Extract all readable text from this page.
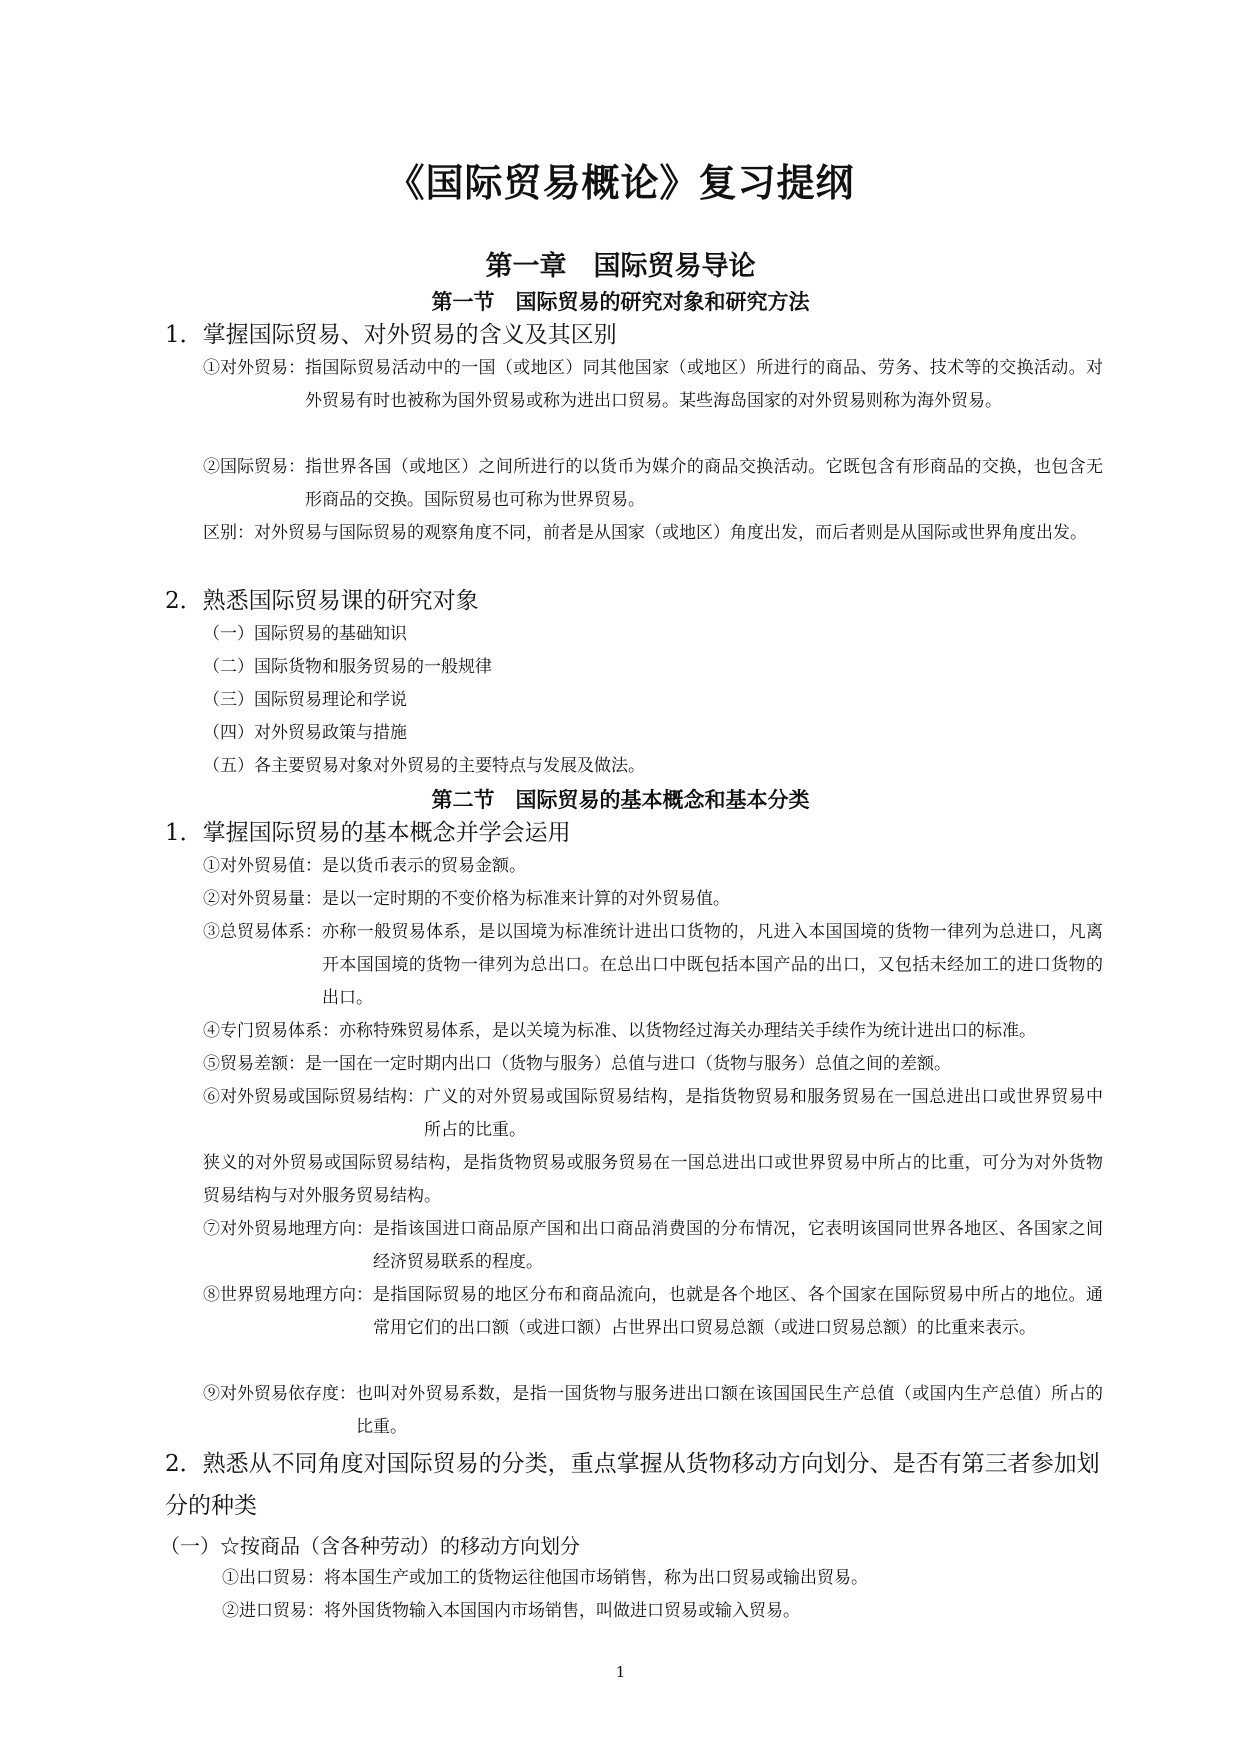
《国际贸易概论》复习提纲
第一章　国际贸易导论
第一节　国际贸易的研究对象和研究方法
1．掌握国际贸易、对外贸易的含义及其区别
①对外贸易： 指国际贸易活动中的一国（或地区）同其他国家（或地区）所进行的商品、劳务、技术等的交换活动。对外贸易有时也被称为国外贸易或称为进出口贸易。某些海岛国家的对外贸易则称为海外贸易。
②国际贸易： 指世界各国（或地区）之间所进行的以货币为媒介的商品交换活动。它既包含有形商品的交换，也包含无形商品的交换。国际贸易也可称为世界贸易。
区别： 对外贸易与国际贸易的观察角度不同，前者是从国家（或地区）角度出发，而后者则是从国际或世界角度出发。
2．熟悉国际贸易课的研究对象
（一）国际贸易的基础知识
（二）国际货物和服务贸易的一般规律
（三）国际贸易理论和学说
（四）对外贸易政策与措施
（五）各主要贸易对象对外贸易的主要特点与发展及做法。
第二节　国际贸易的基本概念和基本分类
1．掌握国际贸易的基本概念并学会运用
①对外贸易值： 是以货币表示的贸易金额。
②对外贸易量： 是以一定时期的不变价格为标准来计算的对外贸易值。
③总贸易体系： 亦称一般贸易体系，是以国境为标准统计进出口货物的，凡进入本国国境的货物一律列为总进口，凡离开本国国境的货物一律列为总出口。在总出口中既包括本国产品的出口，又包括未经加工的进口货物的出口。
④专门贸易体系： 亦称特殊贸易体系，是以关境为标准、以货物经过海关办理结关手续作为统计进出口的标准。
⑤贸易差额： 是一国在一定时期内出口（货物与服务）总值与进口（货物与服务）总值之间的差额。
⑥对外贸易或国际贸易结构： 广义的对外贸易或国际贸易结构，是指货物贸易和服务贸易在一国总进出口或世界贸易中所占的比重。
狭义的对外贸易或国际贸易结构，是指货物贸易或服务贸易在一国总进出口或世界贸易中所占的比重，可分为对外货物贸易结构与对外服务贸易结构。
⑦对外贸易地理方向： 是指该国进口商品原产国和出口商品消费国的分布情况，它表明该国同世界各地区、各国家之间经济贸易联系的程度。
⑧世界贸易地理方向： 是指国际贸易的地区分布和商品流向，也就是各个地区、各个国家在国际贸易中所占的地位。通常用它们的出口额（或进口额）占世界出口贸易总额（或进口贸易总额）的比重来表示。
⑨对外贸易依存度： 也叫对外贸易系数，是指一国货物与服务进出口额在该国国民生产总值（或国内生产总值）所占的比重。
2．熟悉从不同角度对国际贸易的分类，重点掌握从货物移动方向划分、是否有第三者参加划分的种类
（一）☆按商品（含各种劳动）的移动方向划分
①出口贸易：将本国生产或加工的货物运往他国市场销售，称为出口贸易或输出贸易。
②进口贸易：将外国货物输入本国国内市场销售，叫做进口贸易或输入贸易。
1
